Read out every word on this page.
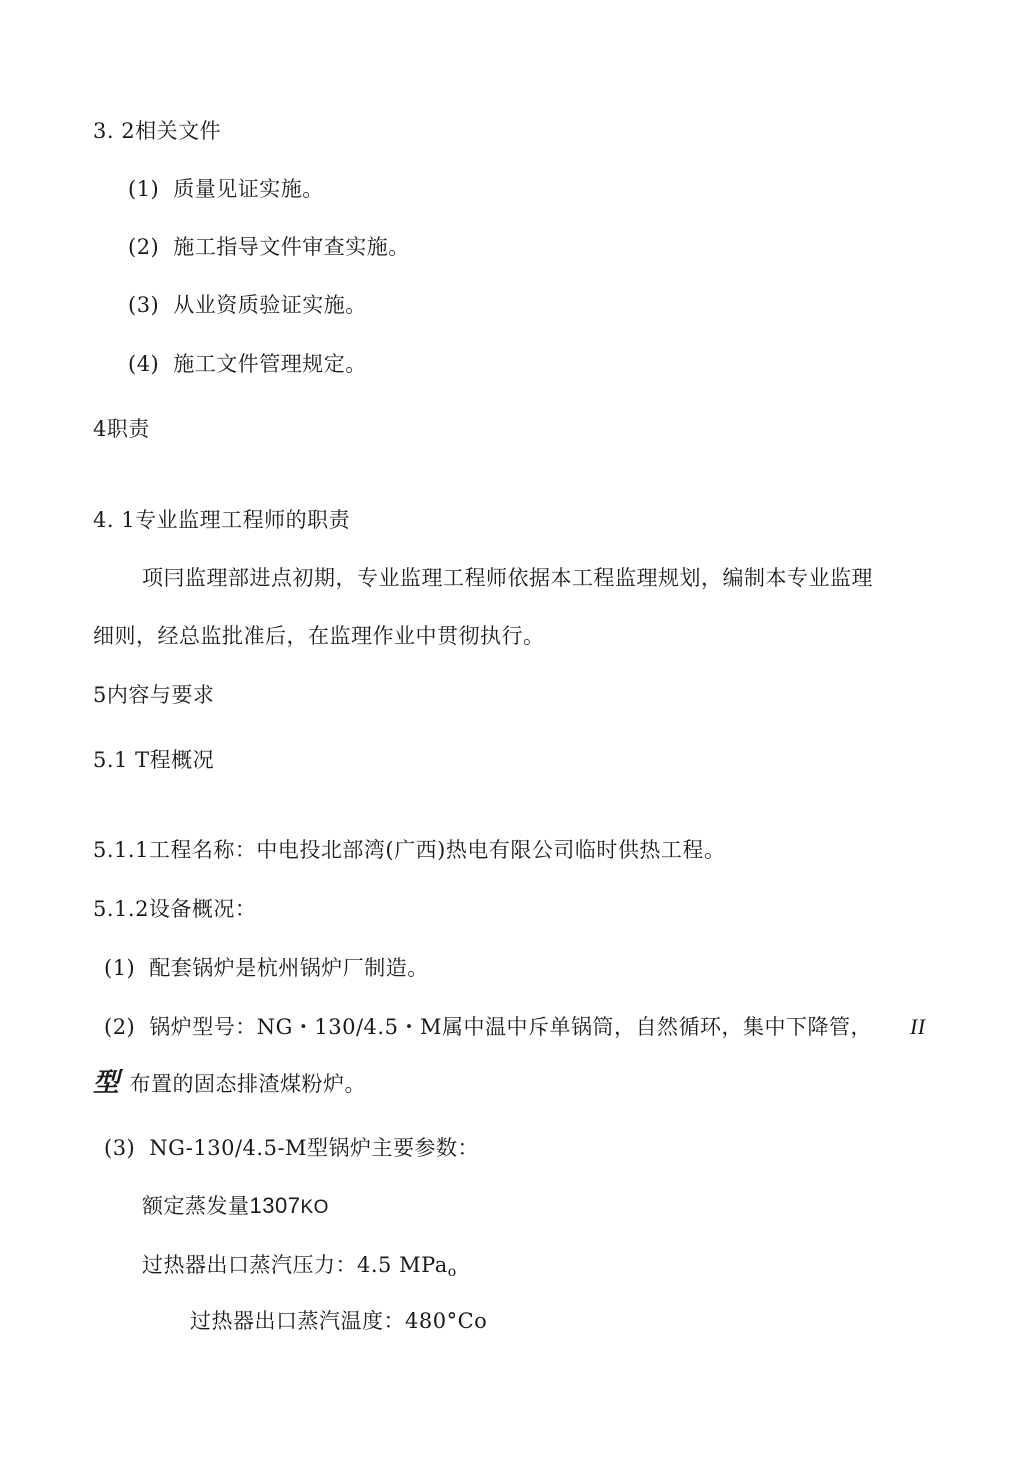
3. 2相关文件
(1) 质量见证实施。
(2) 施工指导文件审查实施。
(3) 从业资质验证实施。
(4) 施工文件管理规定。
4职责
4. 1专业监理工程师的职责
项冃监理部进点初期，专业监理工程师依据本工程监理规划，编制本专业监理
细则，经总监批准后，在监理作业中贯彻执行。
5内容与要求
5.1 T程概况
5.1.1工程名称：中电投北部湾(广西)热电有限公司临时供热工程。
5.1.2设备概况：
(1) 配套锅炉是杭州锅炉厂制造。
(2) 锅炉型号：NG・130/4.5・M属中温中斥单锅筒，自然循环，集中下降管， II
型 布置的固态排渣煤粉炉。
(3) NG-130/4.5-M型锅炉主要参数：
额定蒸发量1307KO
过热器出口蒸汽压力：4.5 MPa$_o$
过热器出口蒸汽温度：480°Co
